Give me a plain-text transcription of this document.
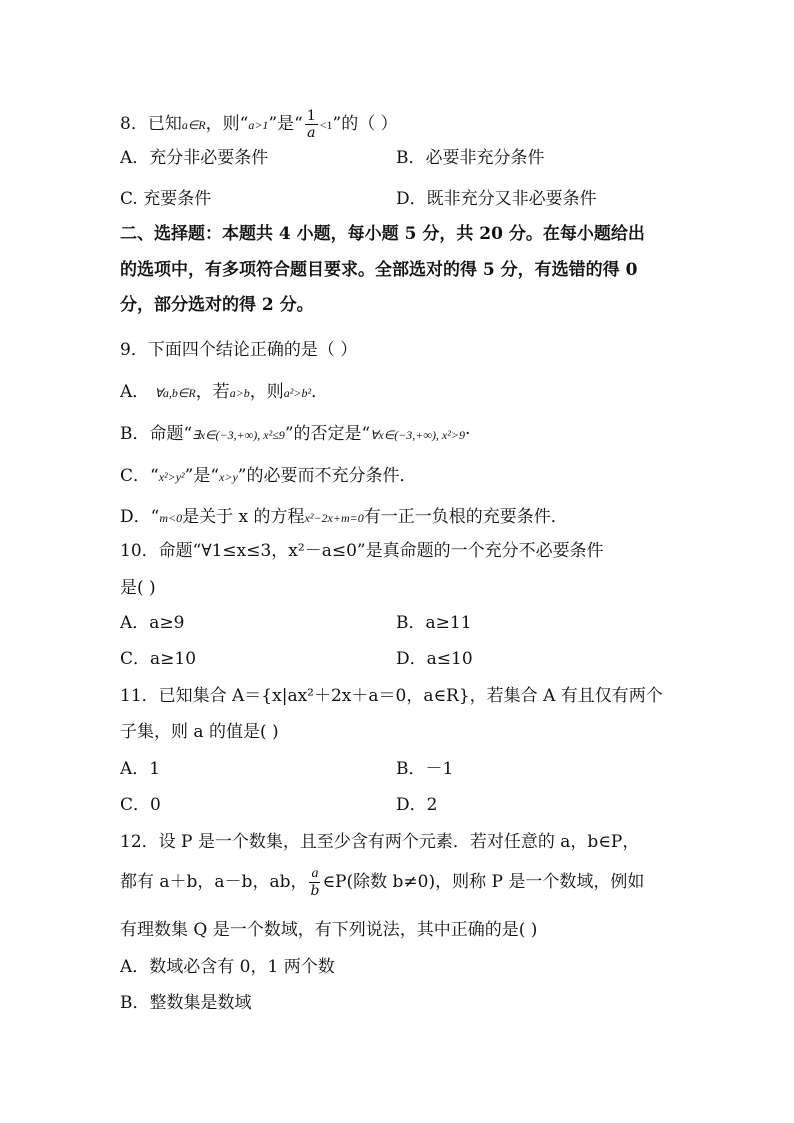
8．已知a∈R，则“a>1”是“ $\frac{1}{a} <1$”的（ ）
A．充分非必要条件	B．必要非充分条件
C. 充要条件	D．既非充分又非必要条件
二、选择题：本题共 4 小题，每小题 5 分，共 20 分。在每小题给出
的选项中，有多项符合题目要求。全部选对的得 5 分，有选错的得 0
分，部分选对的得 2 分。
9．下面四个结论正确的是（ ）
A． ∀a,b∈R，若a>b，则a²>b²．
B．命题“∃x∈(−3,+∞), x²≤9”的否定是“∀x∈(−3,+∞), x²>9·
C．“x²>y²”是“x>y”的必要而不充分条件．
D．“m<0是关于 x 的方程x²−2x+m=0有一正一负根的充要条件．
10．命题“∀1≤x≤3，x²－a≤0”是真命题的一个充分不必要条件
是( )
A．a≥9	B．a≥11
C．a≥10	D．a≤10
11．已知集合 A＝{x|ax²＋2x＋a＝0，a∈R}，若集合 A 有且仅有两个
子集，则 a 的值是( )
A．1	B．－1
C．0	D．2
12．设 P 是一个数集，且至少含有两个元素．若对任意的 a，b∈P，
都有 a＋b，a－b，ab， $\frac{a}{b}$ ∈P(除数 b≠0)，则称 P 是一个数域，例如
有理数集 Q 是一个数域，有下列说法，其中正确的是( )
A．数域必含有 0，1 两个数
B．整数集是数域
